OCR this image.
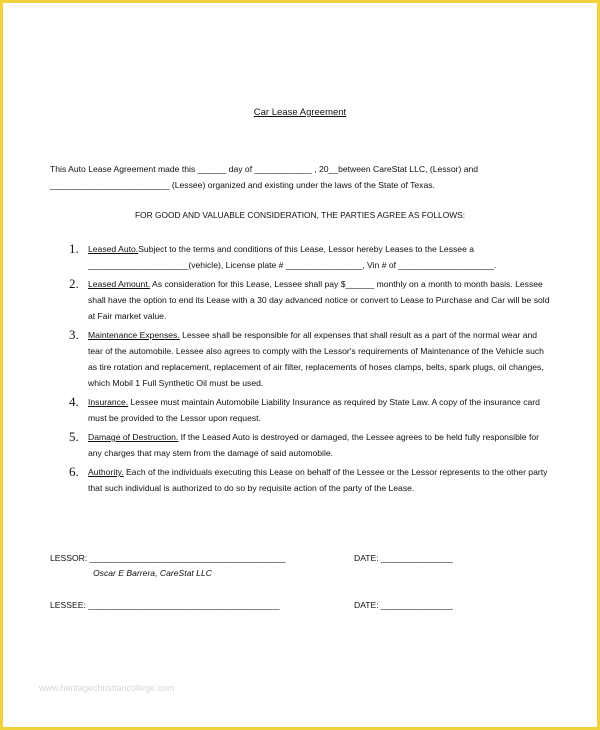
Car Lease Agreement
This Auto Lease Agreement made this ______ day of ____________ , 20__between CareStat LLC, (Lessor) and
_________________________ (Lessee) organized and existing under the laws of the State of Texas.
FOR GOOD AND VALUABLE CONSIDERATION, THE PARTIES AGREE AS FOLLOWS:
1.	Leased Auto.Subject to the terms and conditions of this Lease, Lessor hereby Leases to the Lessee a _____________________(vehicle), License plate # ________________, Vin # of ____________________.
2.	Leased Amount. As consideration for this Lease, Lessee shall pay $______ monthly on a month to month basis. Lessee shall have the option to end its Lease with a 30 day advanced notice or convert to Lease to Purchase and Car will be sold at Fair market value.
3.	Maintenance Expenses. Lessee shall be responsible for all expenses that shall result as a part of the normal wear and tear of the automobile. Lessee also agrees to comply with the Lessor's requirements of Maintenance of the Vehicle such as tire rotation and replacement, replacement of air filter, replacements of hoses clamps, belts, spark plugs, oil changes, which Mobil 1 Full Synthetic Oil must be used.
4.	Insurance. Lessee must maintain Automobile Liability Insurance as required by State Law. A copy of the insurance card must be provided to the Lessor upon request.
5.	Damage of Destruction. If the Leased Auto is destroyed or damaged, the Lessee agrees to be held fully responsible for any charges that may stem from the damage of said automobile.
6.	Authority. Each of the individuals executing this Lease on behalf of the Lessee or the Lessor represents to the other party that such individual is authorized to do so by requisite action of the party of the Lease.
LESSOR: _________________________________________	DATE: _______________
Oscar E Barrera, CareStat LLC
LESSEE: ________________________________________	DATE: _______________
www.heritagechristiancollege.com
